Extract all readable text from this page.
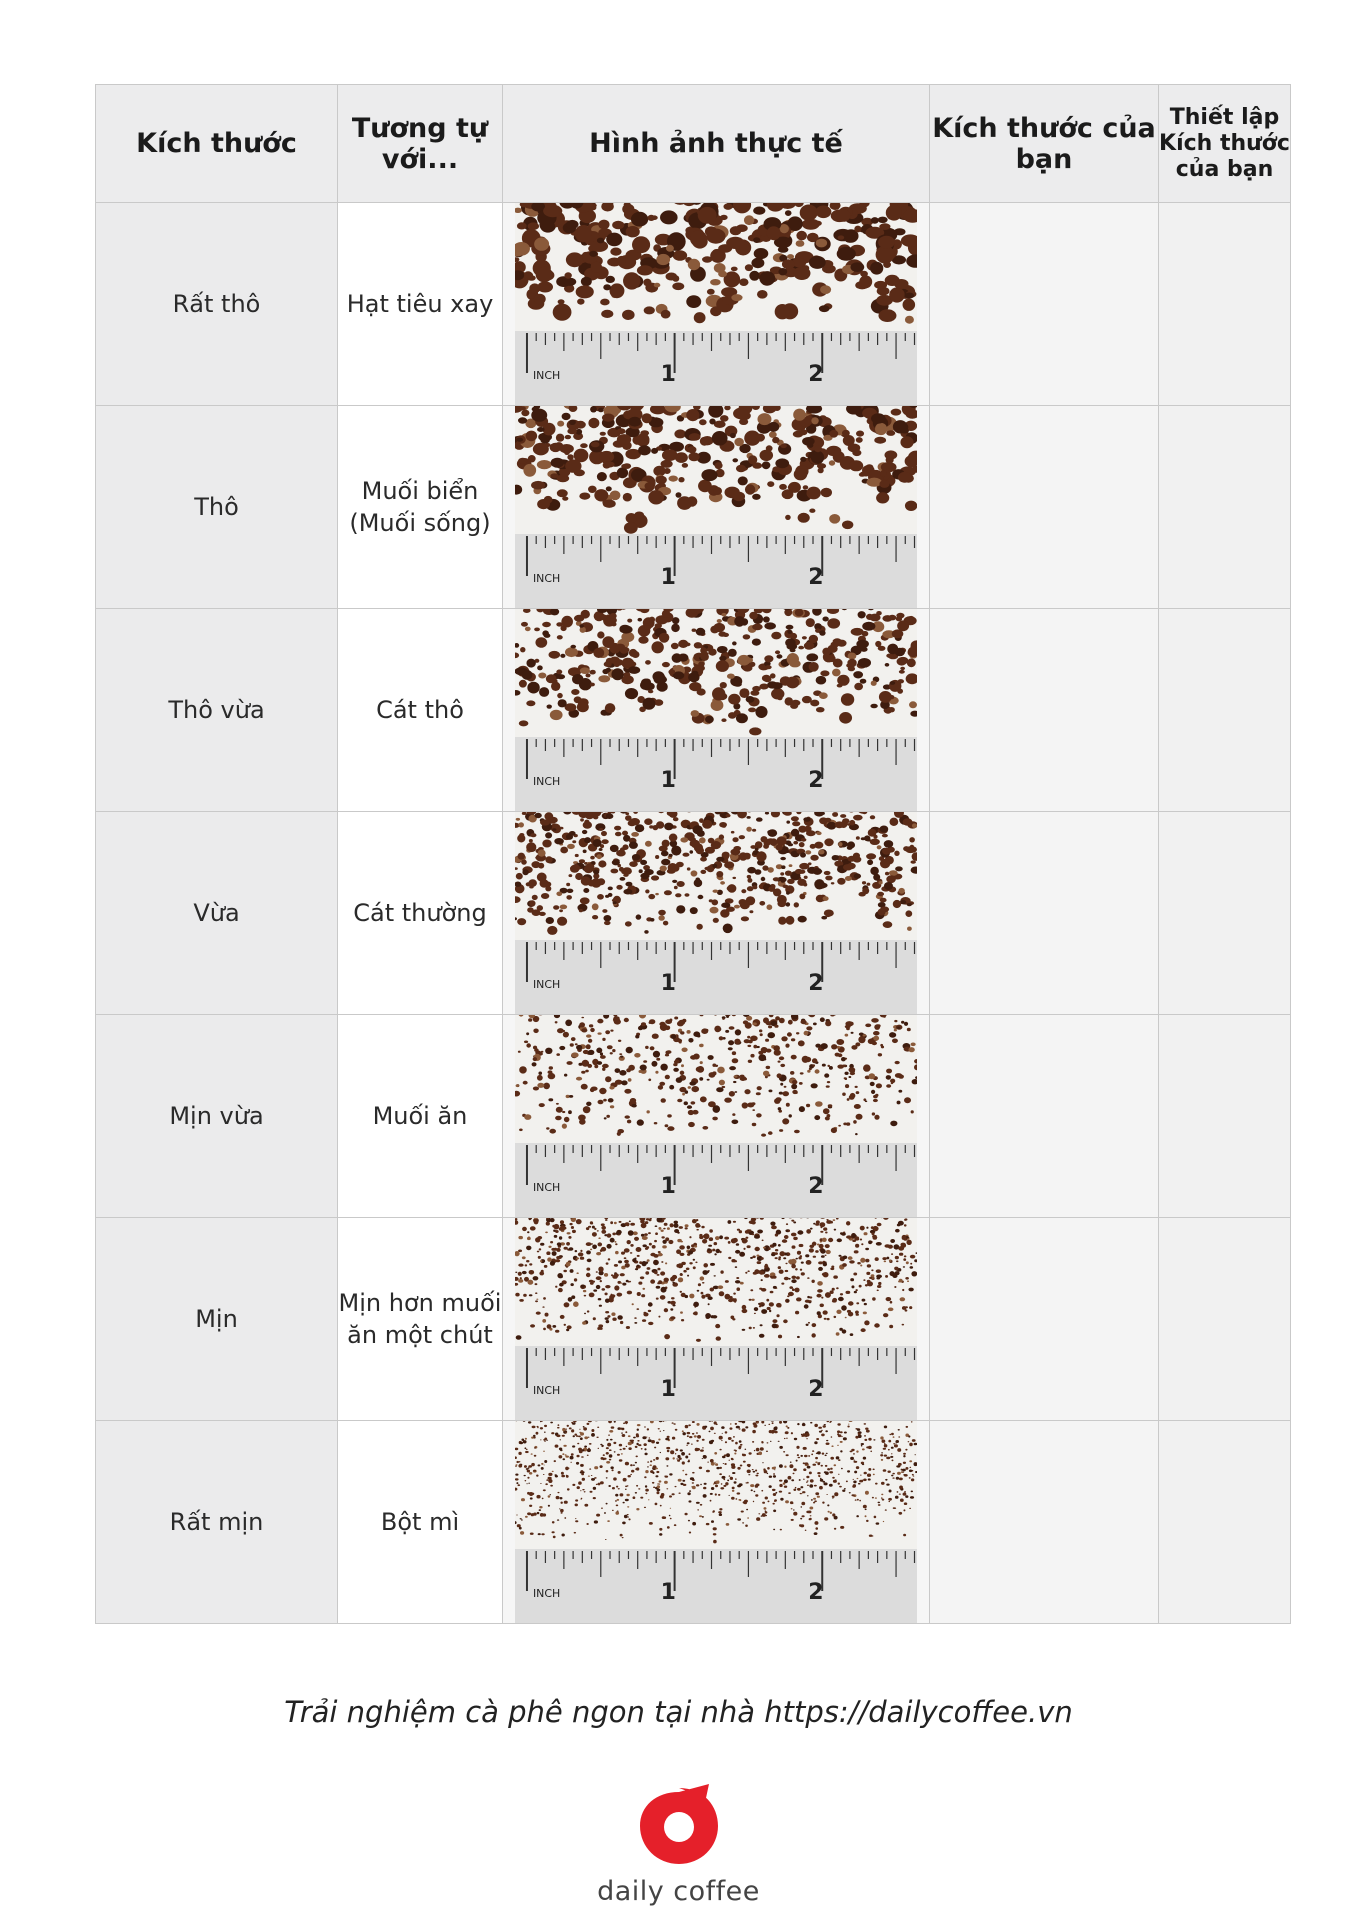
Kích thước	Tương tự với...	Hình ảnh thực tế	Kích thước của bạn	Thiết lập Kích thước của bạn
Rất thô	Hạt tiêu xay	INCH 1 2		

Thô	Muối biển (Muối sống)	INCH 1 2		

Thô vừa	Cát thô	INCH 1 2		

Vừa	Cát thường	INCH 1 2		

Mịn vừa	Muối ăn	INCH 1 2		

Mịn	Mịn hơn muối ăn một chút	INCH 1 2		

Rất mịn	Bột mì	INCH 1 2		

Trải nghiệm cà phê ngon tại nhà https://dailycoffee.vn
daily coffee
